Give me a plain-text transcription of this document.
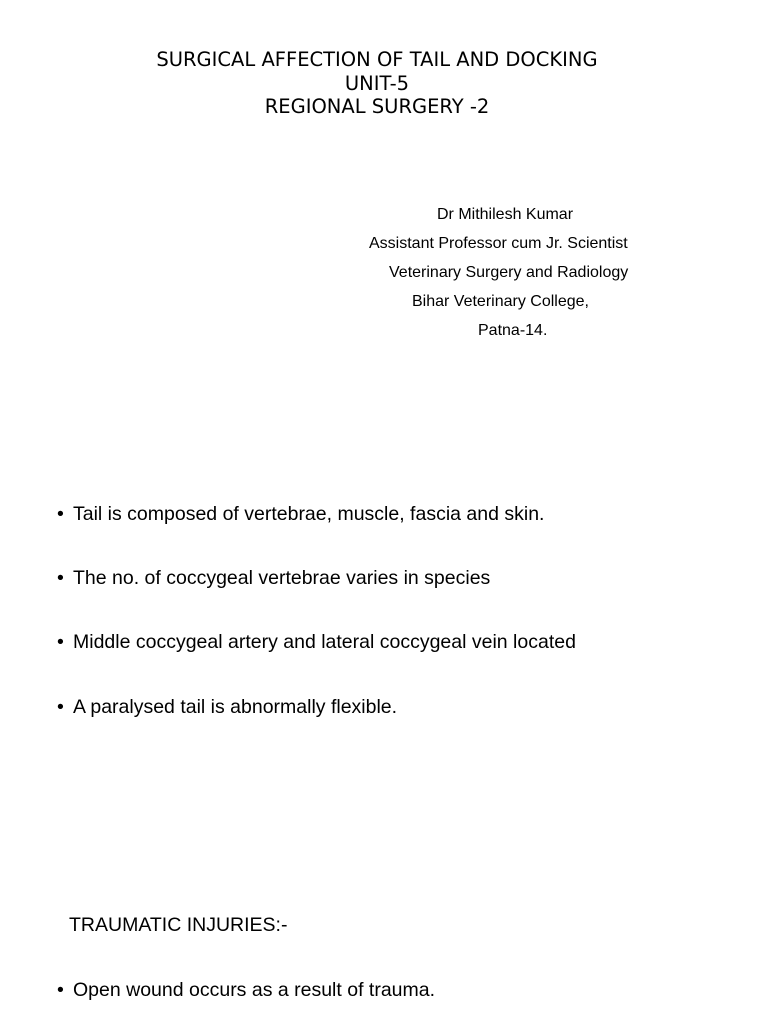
SURGICAL AFFECTION OF TAIL AND DOCKING
UNIT-5
REGIONAL SURGERY -2
Dr Mithilesh Kumar
Assistant Professor cum Jr. Scientist
Veterinary Surgery and Radiology
Bihar Veterinary College,
Patna-14.
• Tail is composed of vertebrae, muscle, fascia and skin.
• The no. of coccygeal vertebrae varies in species
• Middle coccygeal artery and lateral coccygeal vein located
• A paralysed tail is abnormally flexible.
TRAUMATIC INJURIES:-
• Open wound occurs as a result of trauma.
